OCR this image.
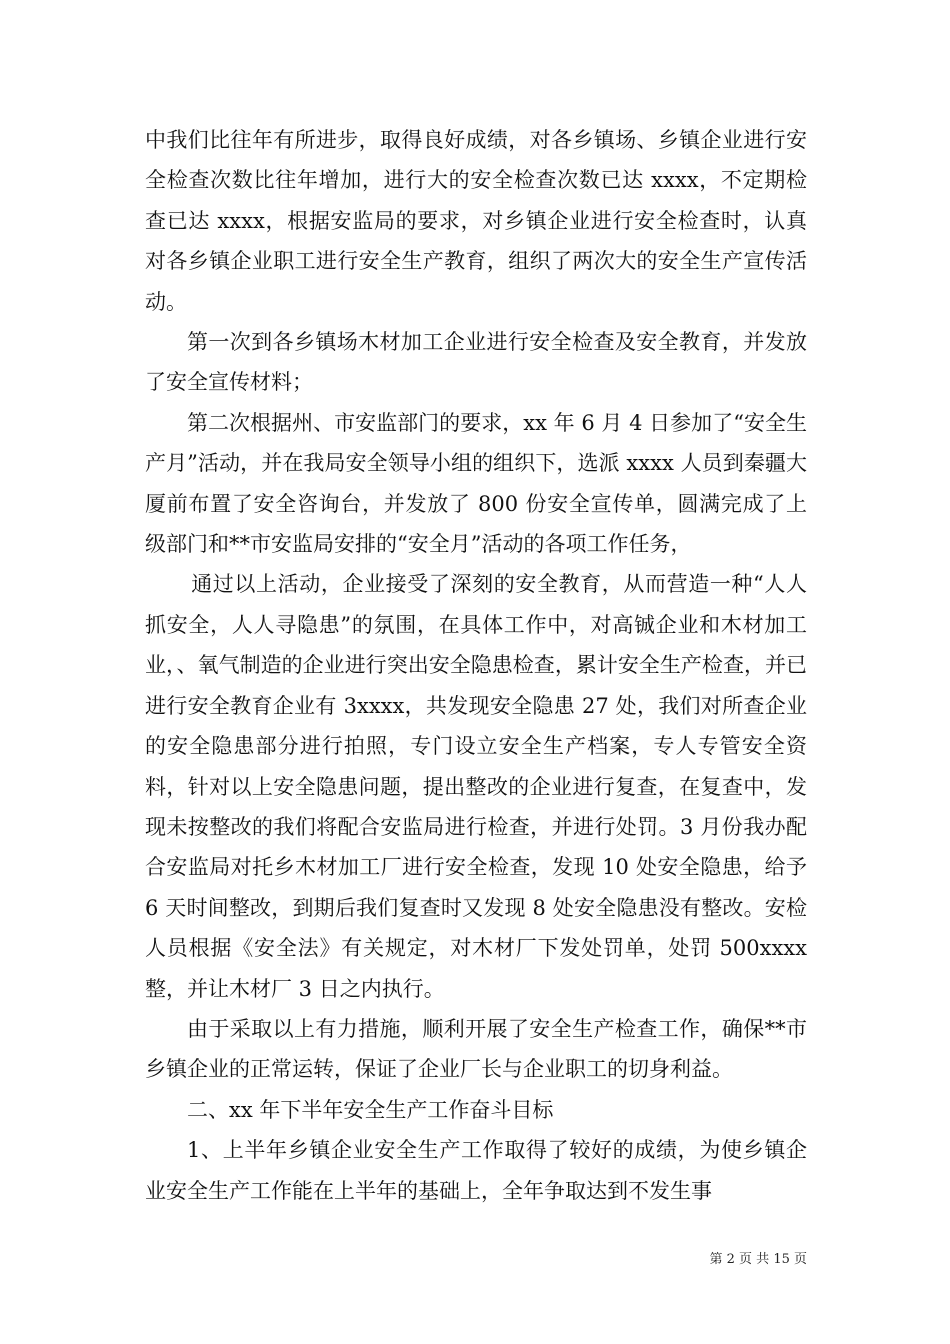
中我们比往年有所进步，取得良好成绩，对各乡镇场、乡镇企业进行安全检查次数比往年增加，进行大的安全检查次数已达 xxxx，不定期检查已达 xxxx，根据安监局的要求，对乡镇企业进行安全检查时，认真对各乡镇企业职工进行安全生产教育，组织了两次大的安全生产宣传活动。

第一次到各乡镇场木材加工企业进行安全检查及安全教育，并发放了安全宣传材料；

第二次根据州、市安监部门的要求，xx 年 6 月 4 日参加了“安全生产月”活动，并在我局安全领导小组的组织下，选派 xxxx 人员到秦疆大厦前布置了安全咨询台，并发放了 800 份安全宣传单，圆满完成了上级部门和**市安监局安排的“安全月”活动的各项工作任务，

通过以上活动，企业接受了深刻的安全教育，从而营造一种“人人抓安全，人人寻隐患”的氛围，在具体工作中，对高铖企业和木材加工业，、氧气制造的企业进行突出安全隐患检查，累计安全生产检查，并已进行安全教育企业有 3xxxx，共发现安全隐患 27 处，我们对所查企业的安全隐患部分进行拍照，专门设立安全生产档案，专人专管安全资料，针对以上安全隐患问题，提出整改的企业进行复查，在复查中，发现未按整改的我们将配合安监局进行检查，并进行处罚。3 月份我办配合安监局对托乡木材加工厂进行安全检查，发现 10 处安全隐患，给予 6 天时间整改，到期后我们复查时又发现 8 处安全隐患没有整改。安检人员根据《安全法》有关规定，对木材厂下发处罚单，处罚 500xxxx 整，并让木材厂 3 日之内执行。

由于采取以上有力措施，顺利开展了安全生产检查工作，确保**市乡镇企业的正常运转，保证了企业厂长与企业职工的切身利益。

二、xx 年下半年安全生产工作奋斗目标

1、上半年乡镇企业安全生产工作取得了较好的成绩，为使乡镇企业安全生产工作能在上半年的基础上，全年争取达到不发生事

第 2 页 共 15 页
